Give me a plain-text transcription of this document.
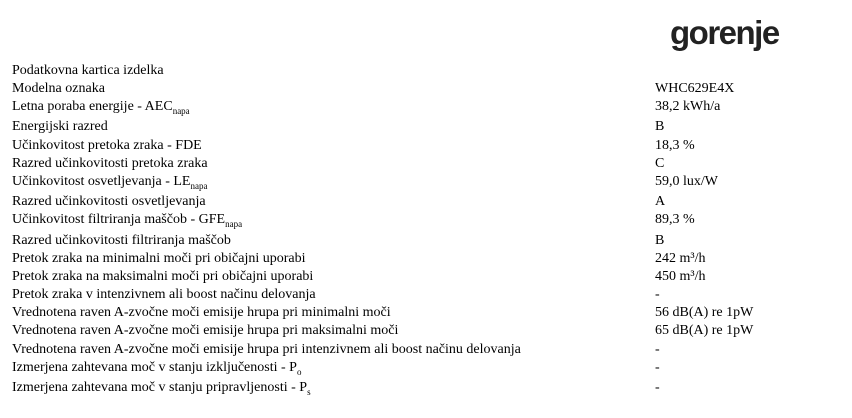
gorenje
Podatkovna kartica izdelka
Modelna oznaka	WHC629E4X
Letna poraba energije - $AEC_{napa}$	38,2 kWh/a
Energijski razred	B
Učinkovitost pretoka zraka - FDE	18,3 %
Razred učinkovitosti pretoka zraka	C
Učinkovitost osvetljevanja - $LE_{napa}$	59,0 lux/W
Razred učinkovitosti osvetljevanja	A
Učinkovitost filtriranja maščob - $GFE_{napa}$	89,3 %
Razred učinkovitosti filtriranja maščob	B
Pretok zraka na minimalni moči pri običajni uporabi	242 m³/h
Pretok zraka na maksimalni moči pri običajni uporabi	450 m³/h
Pretok zraka v intenzivnem ali boost načinu delovanja	-
Vrednotena raven A-zvočne moči emisije hrupa pri minimalni moči	56 dB(A) re 1pW
Vrednotena raven A-zvočne moči emisije hrupa pri maksimalni moči	65 dB(A) re 1pW
Vrednotena raven A-zvočne moči emisije hrupa pri intenzivnem ali boost načinu delovanja	-
Izmerjena zahtevana moč v stanju izključenosti - $P_o$	-
Izmerjena zahtevana moč v stanju pripravljenosti - $P_s$	-
